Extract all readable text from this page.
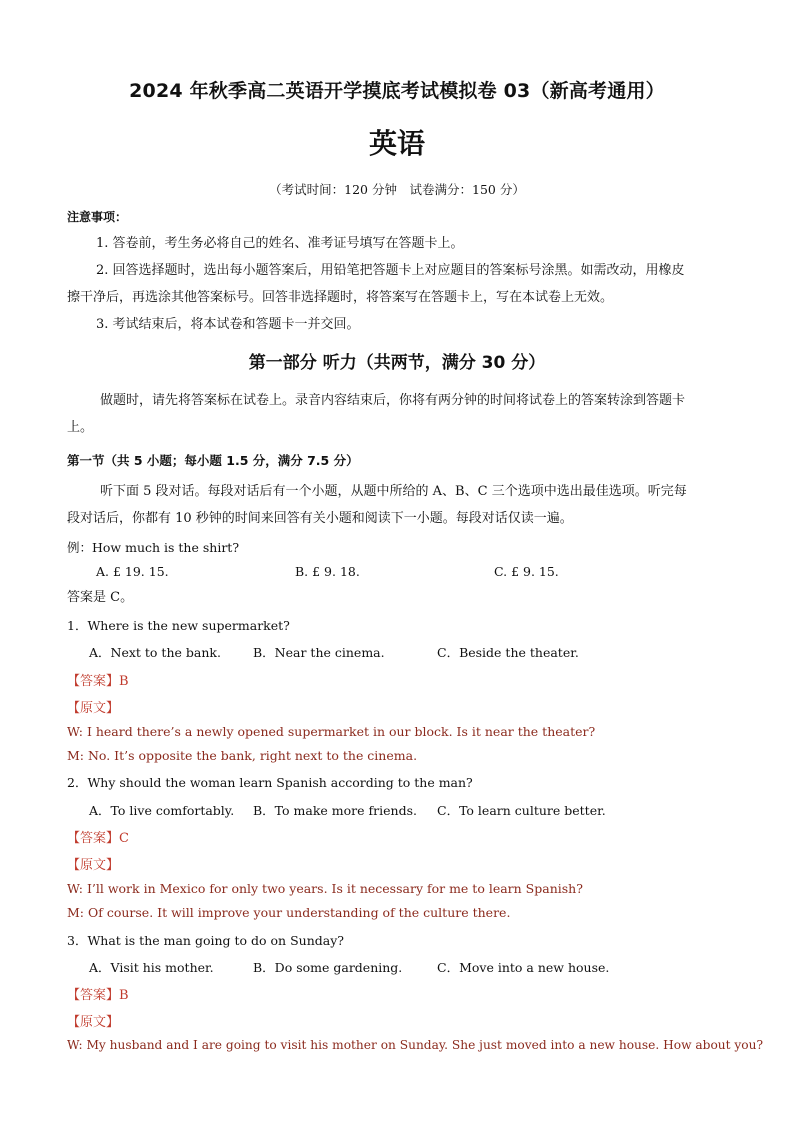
2024 年秋季高二英语开学摸底考试模拟卷 03（新高考通用）
英语
（考试时间：120 分钟　试卷满分：150 分）
注意事项：
1. 答卷前，考生务必将自己的姓名、准考证号填写在答题卡上。
2. 回答选择题时，选出每小题答案后，用铅笔把答题卡上对应题目的答案标号涂黑。如需改动，用橡皮
擦干净后，再选涂其他答案标号。回答非选择题时，将答案写在答题卡上，写在本试卷上无效。
3. 考试结束后，将本试卷和答题卡一并交回。
第一部分 听力（共两节，满分 30 分）
做题时，请先将答案标在试卷上。录音内容结束后，你将有两分钟的时间将试卷上的答案转涂到答题卡
上。
第一节（共 5 小题；每小题 1.5 分，满分 7.5 分）
听下面 5 段对话。每段对话后有一个小题，从题中所给的 A、B、C 三个选项中选出最佳选项。听完每
段对话后，你都有 10 秒钟的时间来回答有关小题和阅读下一小题。每段对话仅读一遍。
例：How much is the shirt?
A. £ 19. 15.	B. £ 9. 18.	C. £ 9. 15.
答案是 C。
1．Where is the new supermarket?
A．Next to the bank.	B．Near the cinema.	C．Beside the theater.
【答案】B
【原文】
W: I heard there’s a newly opened supermarket in our block. Is it near the theater?
M: No. It’s opposite the bank, right next to the cinema.
2．Why should the woman learn Spanish according to the man?
A．To live comfortably. B．To make more friends. C．To learn culture better.
【答案】C
【原文】
W: I’ll work in Mexico for only two years. Is it necessary for me to learn Spanish?
M: Of course. It will improve your understanding of the culture there.
3．What is the man going to do on Sunday?
A．Visit his mother.	B．Do some gardening.	C．Move into a new house.
【答案】B
【原文】
W: My husband and I are going to visit his mother on Sunday. She just moved into a new house. How about you?
